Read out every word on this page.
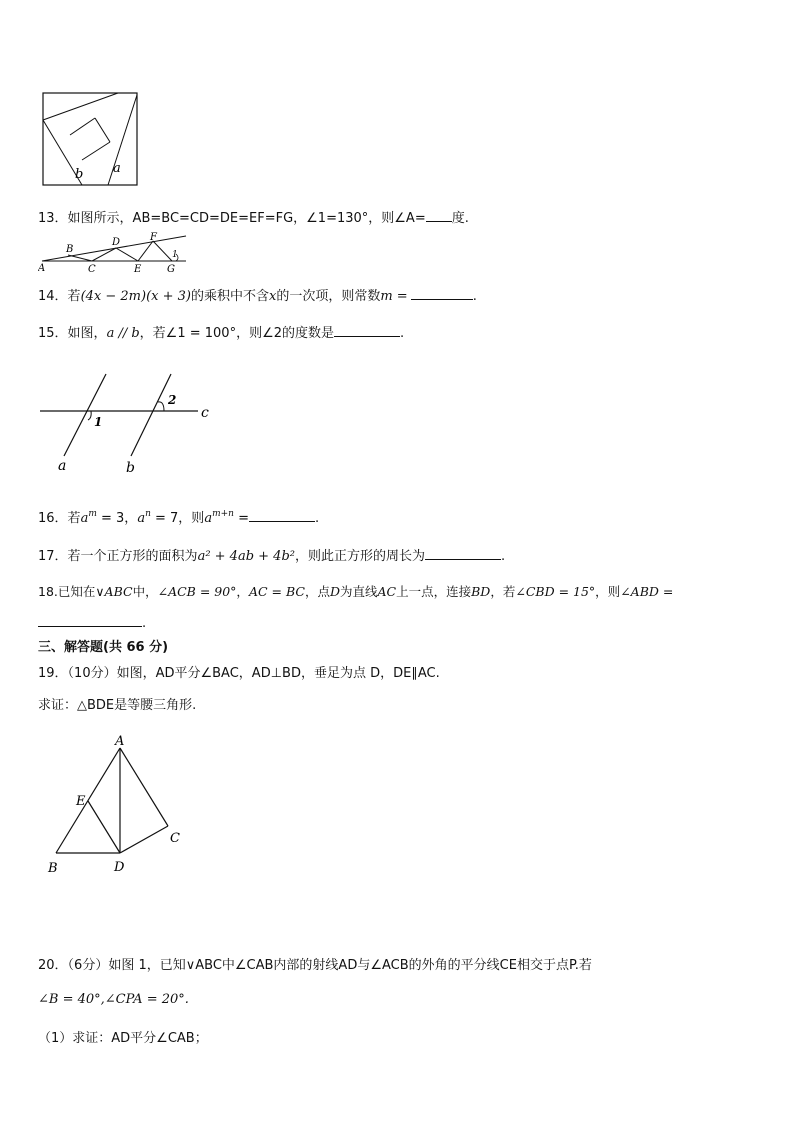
b a
13．如图所示，AB=BC=CD=DE=EF=FG，∠1=130°，则∠A= 度.
A
B
C
D
E
F
G
1
14．若(4x − 2m)(x + 3)的乘积中不含x的一次项，则常数m =	.
15．如图，a // b，若∠1 = 100°，则∠2的度数是	.
1
2
c
a	b
16．若$a^m = 3$，$a^n = 7$，则$a^{m+n}$ =	.
17．若一个正方形的面积为a² + 4ab + 4b²，则此正方形的周长为	.
18.已知在∨ABC中，∠ACB = 90°，AC = BC，点D为直线AC上一点，连接BD，若∠CBD = 15°，则∠ABD =
.
三、解答题(共 66 分)
19．（10分）如图，AD平分∠BAC，AD⊥BD，垂足为点 D，DE∥AC.
求证：△BDE是等腰三角形.
A
E
B	D
C
20．（6分）如图 1，已知∨ABC中∠CAB内部的射线AD与∠ACB的外角的平分线CE相交于点P.若
∠B = 40°,∠CPA = 20°.
（1）求证：AD平分∠CAB；
